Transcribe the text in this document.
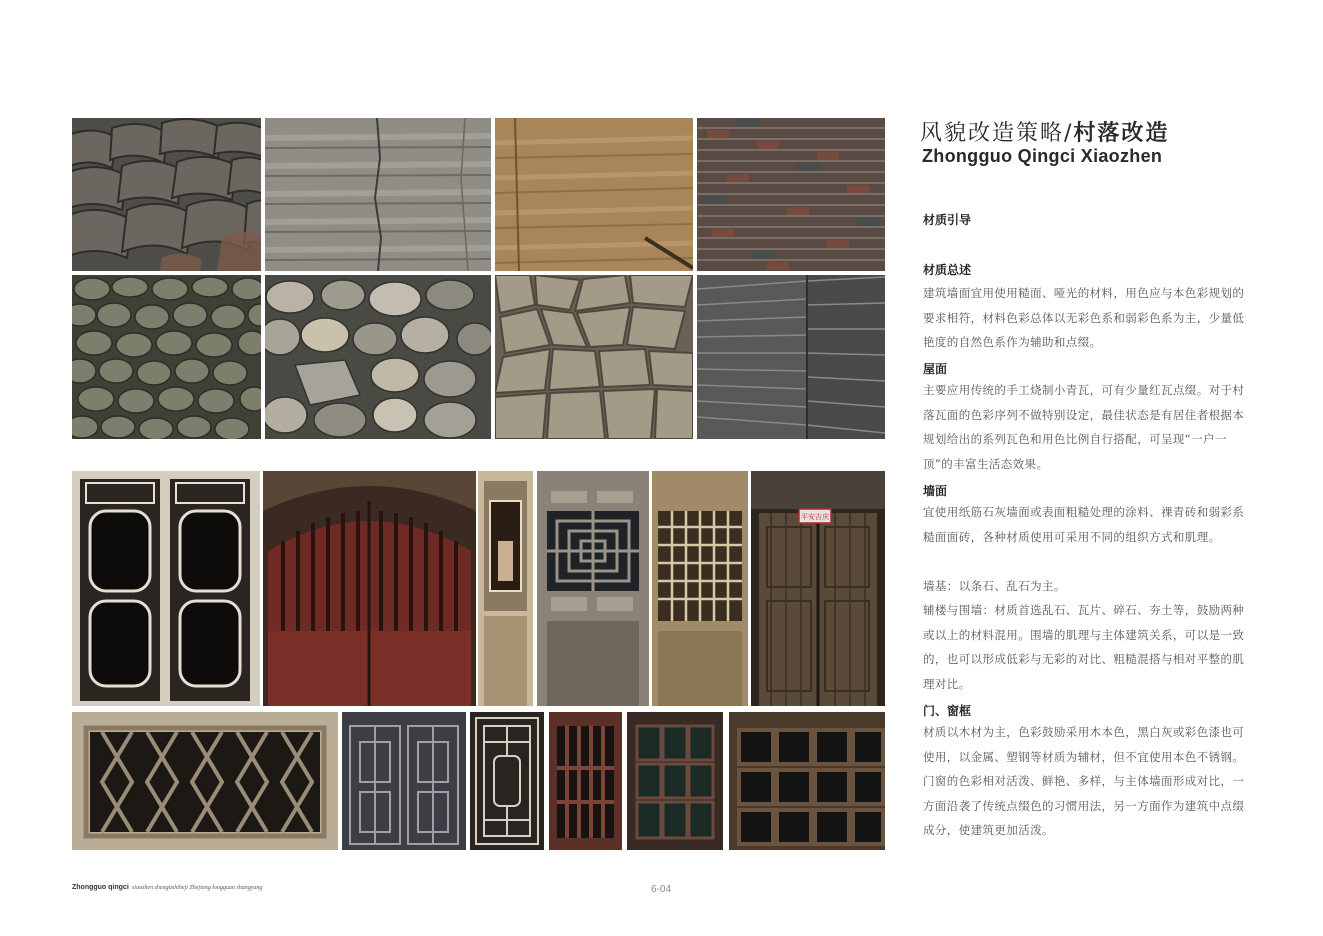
平安吉庆
风貌改造策略/村落改造
Zhongguo Qingci Xiaozhen
材质引导
材质总述
建筑墙面宜用使用糙面、哑光的材料，用色应与本色彩规划的要求相符，材料色彩总体以无彩色系和弱彩色系为主，少量低艳度的自然色系作为辅助和点缀。
屋面
主要应用传统的手工烧制小青瓦，可有少量红瓦点缀。对于村落瓦面的色彩序列不做特别设定，最佳状态是有居住者根据本规划给出的系列瓦色和用色比例自行搭配，可呈现“一户一顶”的丰富生活态效果。
墙面
宜使用纸筋石灰墙面或表面粗糙处理的涂料、裸青砖和弱彩系糙面面砖，各种材质使用可采用不同的组织方式和肌理。
墙基：以条石、乱石为主。
辅楼与围墙：材质首选乱石、瓦片、碎石、夯土等，鼓励两种或以上的材料混用。围墙的肌理与主体建筑关系，可以是一致的，也可以形成低彩与无彩的对比、粗糙混搭与相对平整的肌理对比。
门、窗框
材质以木材为主，色彩鼓励采用木本色，黑白灰或彩色漆也可使用，以金属、塑钢等材质为辅材，但不宜使用本色不锈钢。门窗的色彩相对活泼、鲜艳、多样，与主体墙面形成对比，一方面沿袭了传统点缀色的习惯用法，另一方面作为建筑中点缀成分，使建筑更加活泼。
Zhongguo qingci xiaozhen zhengtishiheji Zhejiang longquan shangyang	6-04
